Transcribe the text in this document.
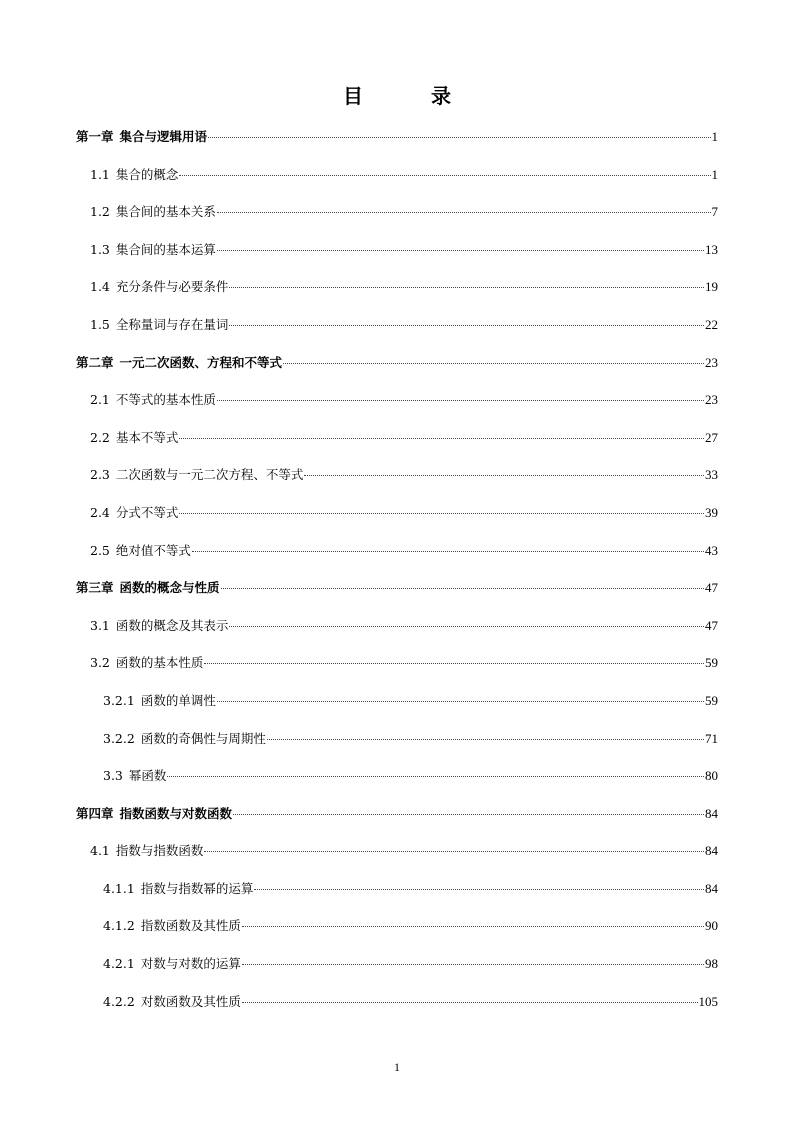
目	录
第一章 集合与逻辑用语	1
1.1 集合的概念	1
1.2 集合间的基本关系	7
1.3 集合间的基本运算	13
1.4 充分条件与必要条件	19
1.5 全称量词与存在量词	22
第二章 一元二次函数、方程和不等式	23
2.1 不等式的基本性质	23
2.2 基本不等式	27
2.3 二次函数与一元二次方程、不等式	33
2.4 分式不等式	39
2.5 绝对值不等式	43
第三章 函数的概念与性质	47
3.1 函数的概念及其表示	47
3.2 函数的基本性质	59
3.2.1 函数的单调性	59
3.2.2 函数的奇偶性与周期性	71
3.3 幂函数	80
第四章 指数函数与对数函数	84
4.1 指数与指数函数	84
4.1.1 指数与指数幂的运算	84
4.1.2 指数函数及其性质	90
4.2.1 对数与对数的运算	98
4.2.2 对数函数及其性质	105
1
